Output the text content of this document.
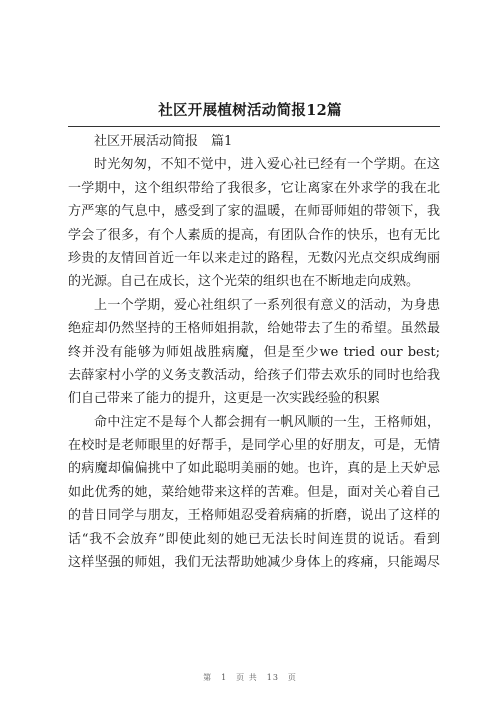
社区开展植树活动简报12篇
社区开展活动简报　篇1
时光匆匆，不知不觉中，进入爱心社已经有一个学期。在这
一学期中，这个组织带给了我很多，它让离家在外求学的我在北
方严寒的气息中，感受到了家的温暖，在师哥师姐的带领下，我
学会了很多，有个人素质的提高，有团队合作的快乐，也有无比
珍贵的友情回首近一年以来走过的路程，无数闪光点交织成绚丽
的光源。自己在成长，这个光荣的组织也在不断地走向成熟。
上一个学期，爱心社组织了一系列很有意义的活动，为身患
绝症却仍然坚持的王格师姐捐款，给她带去了生的希望。虽然最
终并没有能够为师姐战胜病魔，但是至少we tried our best;
去薛家村小学的义务支教活动，给孩子们带去欢乐的同时也给我
们自己带来了能力的提升，这更是一次实践经验的积累
命中注定不是每个人都会拥有一帆风顺的一生，王格师姐，
在校时是老师眼里的好帮手，是同学心里的好朋友，可是，无情
的病魔却偏偏挑中了如此聪明美丽的她。也许，真的是上天妒忌
如此优秀的她，菜给她带来这样的苦难。但是，面对关心着自己
的昔日同学与朋友，王格师姐忍受着病痛的折磨，说出了这样的
话“我不会放弃”即使此刻的她已无法长时间连贯的说话。看到
这样坚强的师姐，我们无法帮助她减少身体上的疼痛，只能竭尽
第　1　页 共　13　页
